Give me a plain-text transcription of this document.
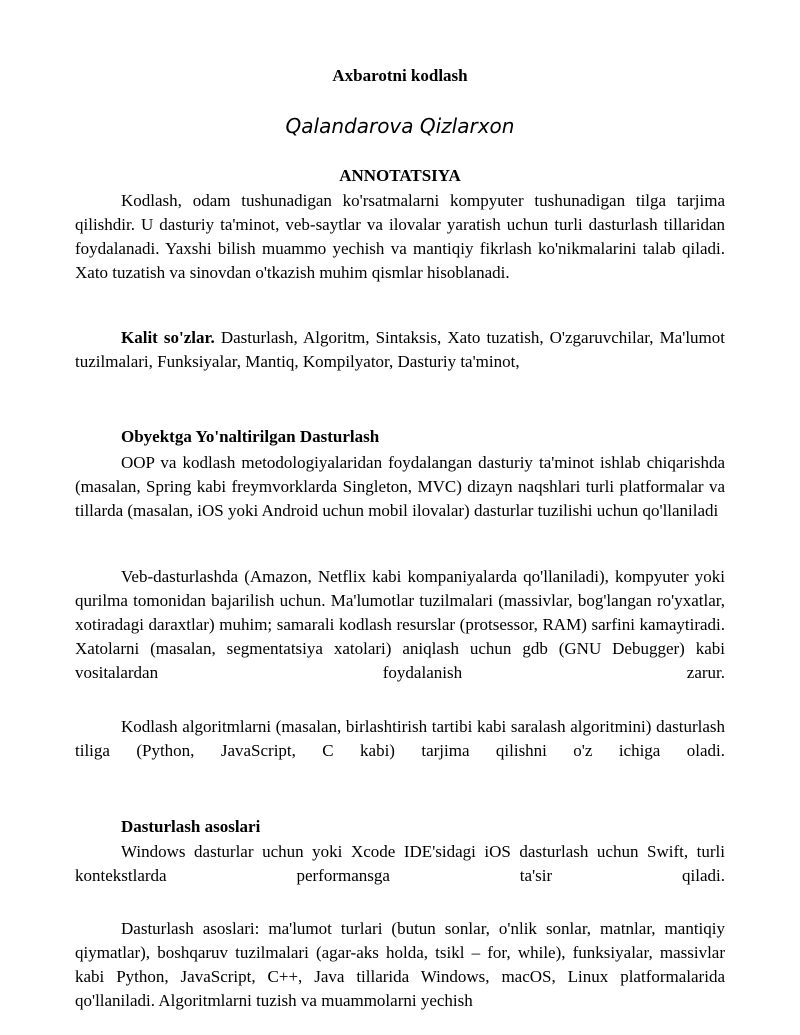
Axbarotni kodlash
Qalandarova Qizlarxon
ANNOTATSIYA

Kodlash, odam tushunadigan ko'rsatmalarni kompyuter tushunadigan tilga tarjima qilishdir. U dasturiy ta'minot, veb-saytlar va ilovalar yaratish uchun turli dasturlash tillaridan foydalanadi. Yaxshi bilish muammo yechish va mantiqiy fikrlash ko'nikmalarini talab qiladi. Xato tuzatish va sinovdan o'tkazish muhim qismlar hisoblanadi.

Kalit so'zlar. Dasturlash, Algoritm, Sintaksis, Xato tuzatish, O'zgaruvchilar, Ma'lumot tuzilmalari, Funksiyalar, Mantiq, Kompilyator, Dasturiy ta'minot,

Obyektga Yo'naltirilgan Dasturlash

OOP va kodlash metodologiyalaridan foydalangan dasturiy ta'minot ishlab chiqarishda (masalan, Spring kabi freymvorklarda Singleton, MVC) dizayn naqshlari turli platformalar va tillarda (masalan, iOS yoki Android uchun mobil ilovalar) dasturlar tuzilishi uchun qo'llaniladi

Veb-dasturlashda (Amazon, Netflix kabi kompaniyalarda qo'llaniladi), kompyuter yoki qurilma tomonidan bajarilish uchun. Ma'lumotlar tuzilmalari (massivlar, bog'langan ro'yxatlar, xotiradagi daraxtlar) muhim; samarali kodlash resurslar (protsessor, RAM) sarfini kamaytiradi. Xatolarni (masalan, segmentatsiya xatolari) aniqlash uchun gdb (GNU Debugger) kabi vositalardan foydalanish zarur.

Kodlash algoritmlarni (masalan, birlashtirish tartibi kabi saralash algoritmini) dasturlash tiliga (Python, JavaScript, C kabi) tarjima qilishni o'z ichiga oladi.

Dasturlash asoslari

Windows dasturlar uchun yoki Xcode IDE'sidagi iOS dasturlash uchun Swift, turli kontekstlarda performansga ta'sir qiladi.

Dasturlash asoslari: ma'lumot turlari (butun sonlar, o'nlik sonlar, matnlar, mantiqiy qiymatlar), boshqaruv tuzilmalari (agar-aks holda, tsikl – for, while), funksiyalar, massivlar kabi Python, JavaScript, C++, Java tillarida Windows, macOS, Linux platformalarida qo'llaniladi. Algoritmlarni tuzish va muammolarni yechish
